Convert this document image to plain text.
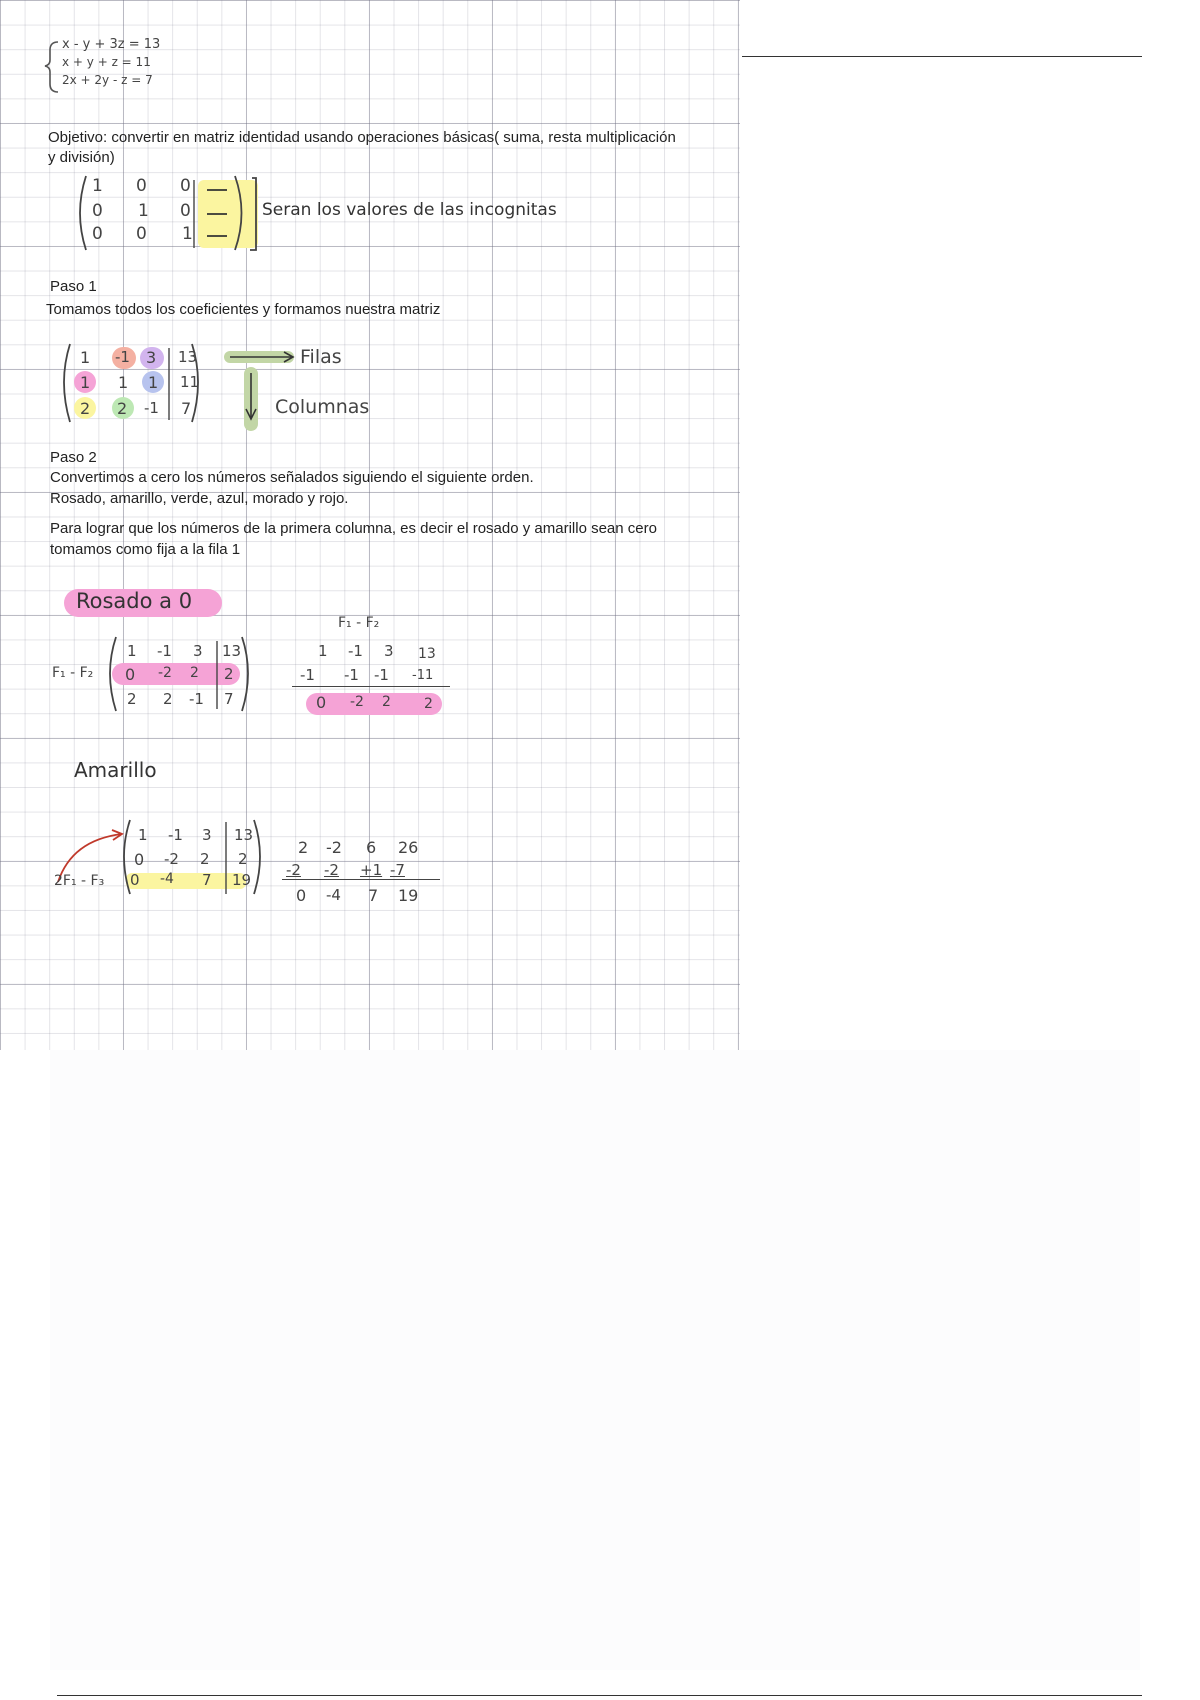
x - y + 3z = 13
x + y + z = 11
2x + 2y - z = 7
Objetivo: convertir en matriz identidad usando operaciones básicas( suma, resta multiplicación
y división)
1 0 0
0 1 0
0 0 1
Seran los valores de las incognitas
Paso 1
Tomamos todos los coeficientes y formamos nuestra matriz
1 -1 3 13
1 1 1 11
2 2 -1 7
Filas
Columnas
Paso 2
Convertimos a cero los números señalados siguiendo el siguiente orden.
Rosado, amarillo, verde, azul, morado y rojo.
Para lograr que los números de la primera columna, es decir el rosado y amarillo sean cero
tomamos como fija a la fila 1
Rosado a 0
F₁ - F₂
1 -1 3 13
0 -2 2 2
2 2 -1 7
F₁ - F₂
1 -1 3 13
-1 -1 -1 -11
0 -2 2 2
Amarillo
2F₁ - F₃
1 -1 3 13
0 -2 2 2
0 -4 7 19
2 -2 6 26
-2 -2 +1 -7
0 -4 7 19
